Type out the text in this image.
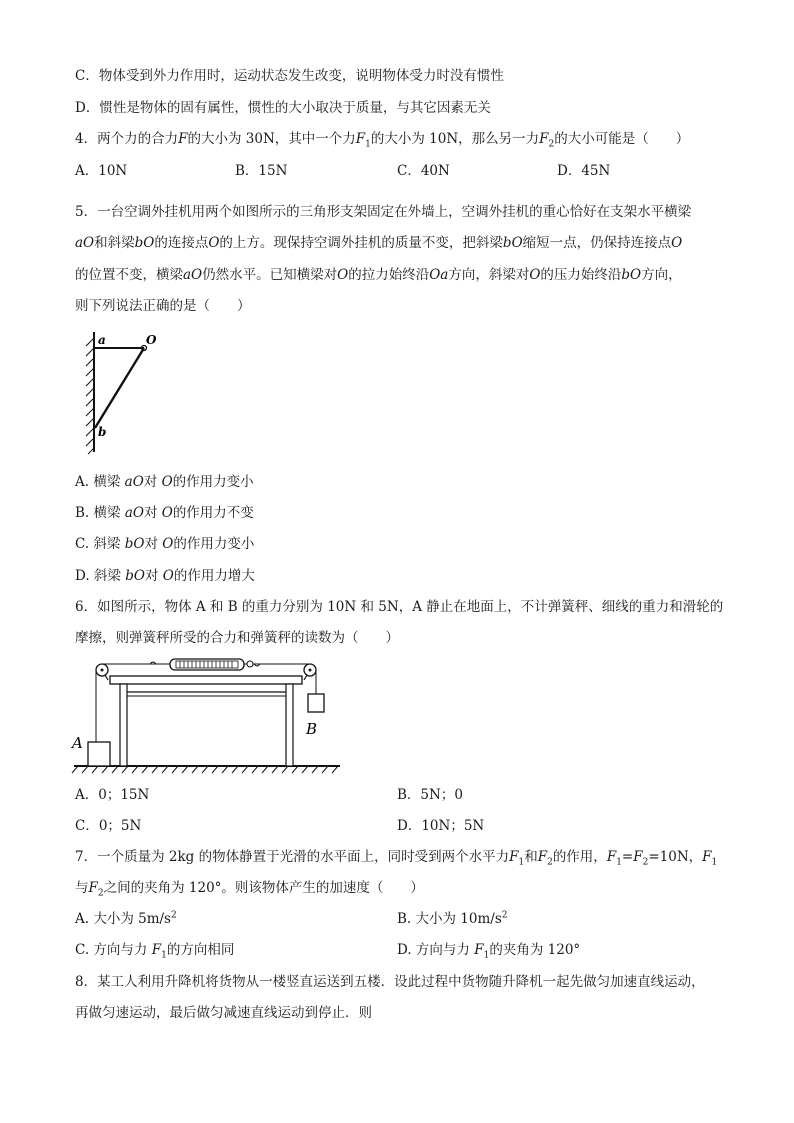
C．物体受到外力作用时，运动状态发生改变，说明物体受力时没有惯性
D．惯性是物体的固有属性，惯性的大小取决于质量，与其它因素无关
4．两个力的合力F的大小为 30N，其中一个力$F_1$的大小为 10N，那么另一力$F_2$的大小可能是（　　）
A．10N	B．15N	C．40N	D．45N
5．一台空调外挂机用两个如图所示的三角形支架固定在外墙上，空调外挂机的重心恰好在支架水平横梁
aO和斜梁bO的连接点O的上方。现保持空调外挂机的质量不变，把斜梁bO缩短一点，仍保持连接点O
的位置不变，横梁aO仍然水平。已知横梁对O的拉力始终沿Oa方向，斜梁对O的压力始终沿bO方向，
则下列说法正确的是（　　）
a	O
b
A. 横梁 aO对 O的作用力变小
B. 横梁 aO对 O的作用力不变
C. 斜梁 bO对 O的作用力变小
D. 斜梁 bO对 O的作用力增大
6．如图所示，物体 A 和 B 的重力分别为 10N 和 5N，A 静止在地面上，不计弹簧秤、细线的重力和滑轮的
摩擦，则弹簧秤所受的合力和弹簧秤的读数为（　　）
A
B
A．0；15N	B．5N；0
C．0；5N	D．10N；5N
7．一个质量为 2kg 的物体静置于光滑的水平面上，同时受到两个水平力$F_1$和$F_2$的作用，$F_1=F_2=10N$，$F_1$
与$F_2$之间的夹角为 120°。则该物体产生的加速度（　　）
A. 大小为 $5m/s^2$	B. 大小为 $10m/s^2$
C. 方向与力 $F_1$的方向相同	D. 方向与力 $F_1$的夹角为 120°
8．某工人利用升降机将货物从一楼竖直运送到五楼．设此过程中货物随升降机一起先做匀加速直线运动，
再做匀速运动，最后做匀减速直线运动到停止．则
